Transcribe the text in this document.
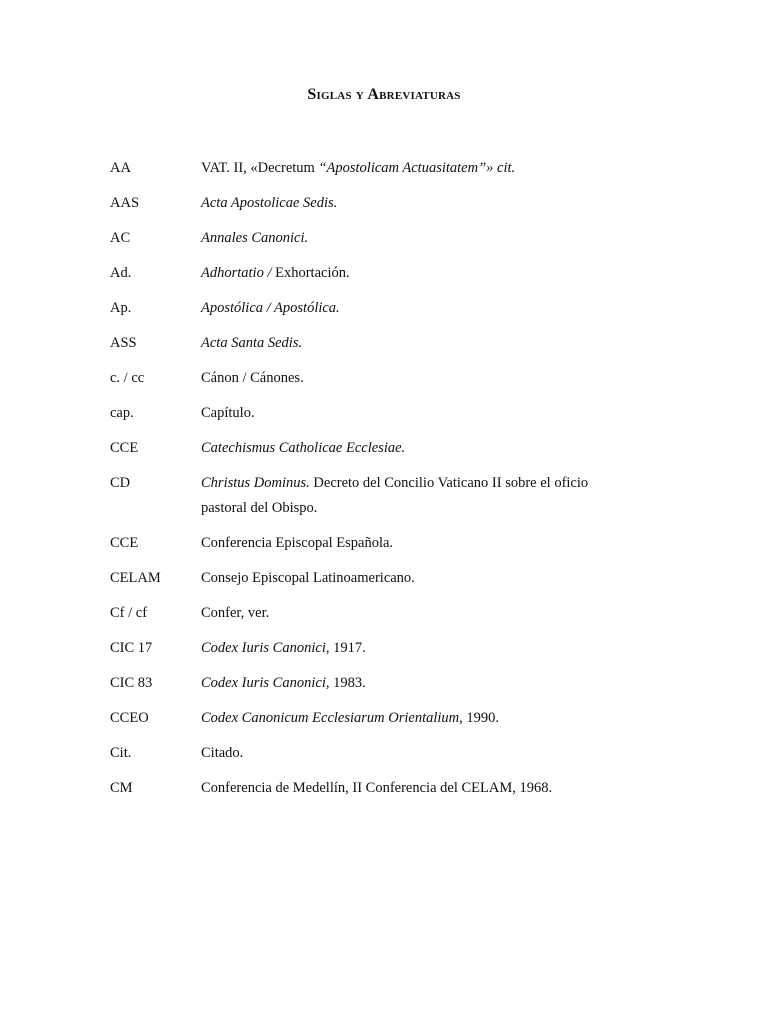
Siglas y Abreviaturas
AA	VAT. II, «Decretum “Apostolicam Actuasitatem”» cit.
AAS	Acta Apostolicae Sedis.
AC	Annales Canonici.
Ad.	Adhortatio / Exhortación.
Ap.	Apostólica / Apostólica.
ASS	Acta Santa Sedis.
c. / cc	Cánon / Cánones.
cap.	Capítulo.
CCE	Catechismus Catholicae Ecclesiae.
CD	Christus Dominus. Decreto del Concilio Vaticano II sobre el oficio pastoral del Obispo.
CCE	Conferencia Episcopal Española.
CELAM	Consejo Episcopal Latinoamericano.
Cf / cf	Confer, ver.
CIC 17	Codex Iuris Canonici, 1917.
CIC 83	Codex Iuris Canonici, 1983.
CCEO	Codex Canonicum Ecclesiarum Orientalium, 1990.
Cit.	Citado.
CM	Conferencia de Medellín, II Conferencia del CELAM, 1968.
